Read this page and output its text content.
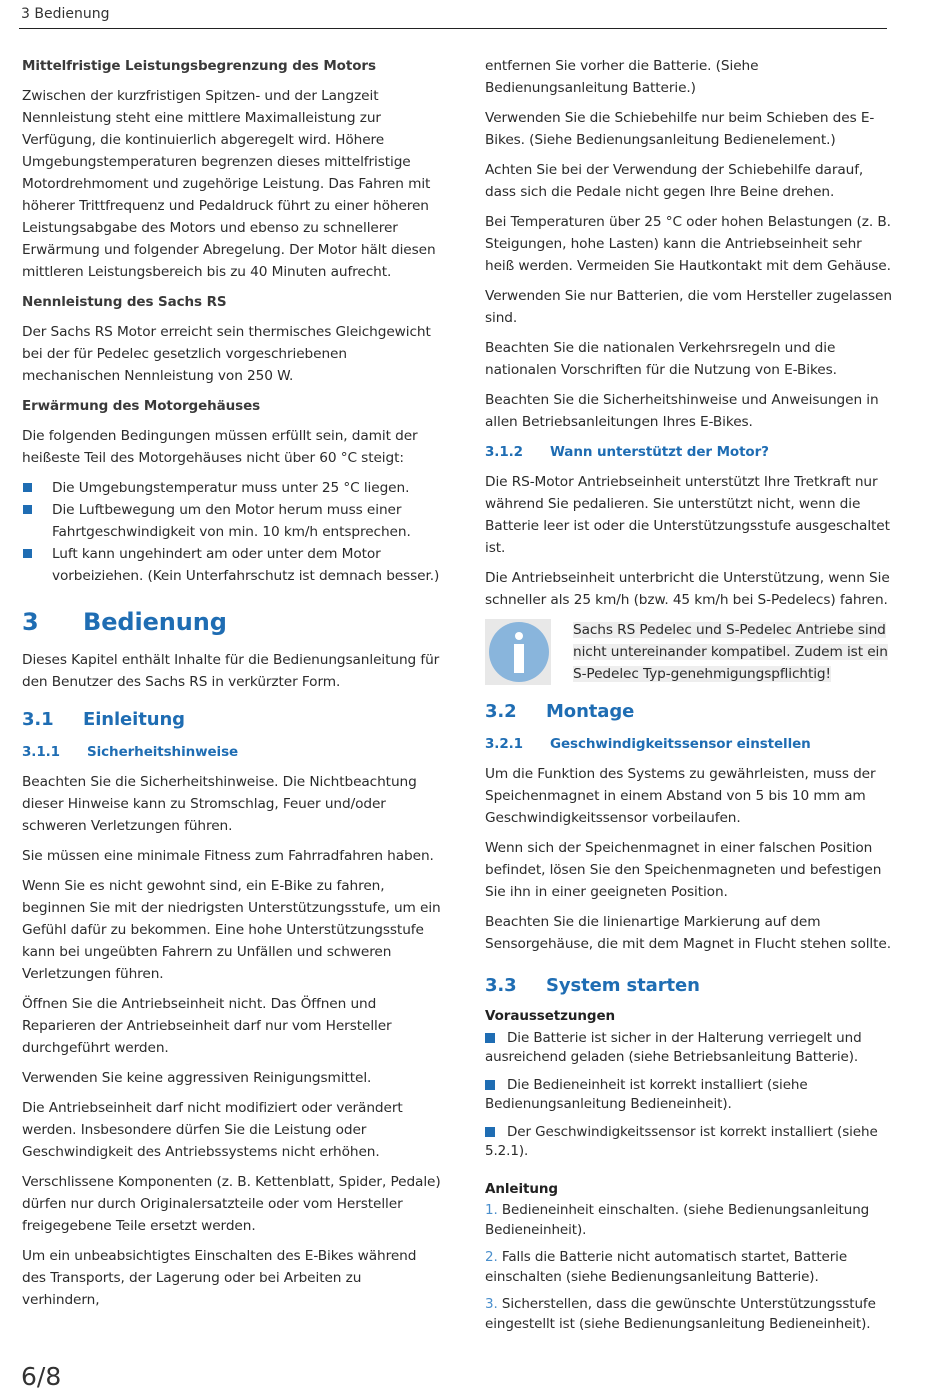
3 Bedienung
Mittelfristige Leistungsbegrenzung des Motors

Zwischen der kurzfristigen Spitzen- und der Langzeit Nennleistung steht eine mittlere Maximalleistung zur Verfügung, die kontinuierlich abgeregelt wird. Höhere Umgebungstemperaturen begrenzen dieses mittelfristige Motordrehmoment und zugehörige Leistung. Das Fahren mit höherer Trittfrequenz und Pedaldruck führt zu einer höheren Leistungsabgabe des Motors und ebenso zu schnellerer Erwärmung und folgender Abregelung. Der Motor hält diesen mittleren Leistungsbereich bis zu 40 Minuten aufrecht.

Nennleistung des Sachs RS

Der Sachs RS Motor erreicht sein thermisches Gleichgewicht bei der für Pedelec gesetzlich vorgeschriebenen mechanischen Nennleistung von 250 W.

Erwärmung des Motorgehäuses

Die folgenden Bedingungen müssen erfüllt sein, damit der heißeste Teil des Motorgehäuses nicht über 60 °C steigt:

Die Umgebungstemperatur muss unter 25 °C liegen.
Die Luftbewegung um den Motor herum muss einer Fahrtgeschwindigkeit von min. 10 km/h entsprechen.
Luft kann ungehindert am oder unter dem Motor vorbeiziehen. (Kein Unterfahrschutz ist demnach besser.)
3	Bedienung

Dieses Kapitel enthält Inhalte für die Bedienungsanleitung für den Benutzer des Sachs RS in verkürzter Form.

3.1	Einleitung
3.1.1	Sicherheitshinweise

Beachten Sie die Sicherheitshinweise. Die Nichtbeachtung dieser Hinweise kann zu Stromschlag, Feuer und/oder schweren Verletzungen führen.

Sie müssen eine minimale Fitness zum Fahrradfahren haben.

Wenn Sie es nicht gewohnt sind, ein E-Bike zu fahren, beginnen Sie mit der niedrigsten Unterstützungsstufe, um ein Gefühl dafür zu bekommen. Eine hohe Unterstützungsstufe kann bei ungeübten Fahrern zu Unfällen und schweren Verletzungen führen.

Öffnen Sie die Antriebseinheit nicht. Das Öffnen und Reparieren der Antriebseinheit darf nur vom Hersteller durchgeführt werden.

Verwenden Sie keine aggressiven Reinigungsmittel.

Die Antriebseinheit darf nicht modifiziert oder verändert werden. Insbesondere dürfen Sie die Leistung oder Geschwindigkeit des Antriebssystems nicht erhöhen.

Verschlissene Komponenten (z. B. Kettenblatt, Spider, Pedale) dürfen nur durch Originalersatzteile oder vom Hersteller freigegebene Teile ersetzt werden.

Um ein unbeabsichtigtes Einschalten des E-Bikes während des Transports, der Lagerung oder bei Arbeiten zu verhindern,

entfernen Sie vorher die Batterie. (Siehe Bedienungsanleitung Batterie.)

Verwenden Sie die Schiebehilfe nur beim Schieben des E-Bikes. (Siehe Bedienungsanleitung Bedienelement.)

Achten Sie bei der Verwendung der Schiebehilfe darauf, dass sich die Pedale nicht gegen Ihre Beine drehen.

Bei Temperaturen über 25 °C oder hohen Belastungen (z. B. Steigungen, hohe Lasten) kann die Antriebseinheit sehr heiß werden. Vermeiden Sie Hautkontakt mit dem Gehäuse.

Verwenden Sie nur Batterien, die vom Hersteller zugelassen sind.

Beachten Sie die nationalen Verkehrsregeln und die nationalen Vorschriften für die Nutzung von E-Bikes.

Beachten Sie die Sicherheitshinweise und Anweisungen in allen Betriebsanleitungen Ihres E-Bikes.

3.1.2	Wann unterstützt der Motor?

Die RS-Motor Antriebseinheit unterstützt Ihre Tretkraft nur während Sie pedalieren. Sie unterstützt nicht, wenn die Batterie leer ist oder die Unterstützungsstufe ausgeschaltet ist.

Die Antriebseinheit unterbricht die Unterstützung, wenn Sie schneller als 25 km/h (bzw. 45 km/h bei S-Pedelecs) fahren.

Sachs RS Pedelec und S-Pedelec Antriebe sind nicht untereinander kompatibel. Zudem ist ein S-Pedelec Typ-genehmigungspflichtig!
3.2	Montage
3.2.1	Geschwindigkeitssensor einstellen

Um die Funktion des Systems zu gewährleisten, muss der Speichenmagnet in einem Abstand von 5 bis 10 mm am Geschwindigkeitssensor vorbeilaufen.

Wenn sich der Speichenmagnet in einer falschen Position befindet, lösen Sie den Speichenmagneten und befestigen Sie ihn in einer geeigneten Position.

Beachten Sie die linienartige Markierung auf dem Sensorgehäuse, die mit dem Magnet in Flucht stehen sollte.

3.3	System starten
Voraussetzungen
Die Batterie ist sicher in der Halterung verriegelt und ausreichend geladen (siehe Betriebsanleitung Batterie).
Die Bedieneinheit ist korrekt installiert (siehe Bedienungsanleitung Bedieneinheit).
Der Geschwindigkeitssensor ist korrekt installiert (siehe 5.2.1).
Anleitung
1. Bedieneinheit einschalten. (siehe Bedienungsanleitung Bedieneinheit).
2. Falls die Batterie nicht automatisch startet, Batterie einschalten (siehe Bedienungsanleitung Batterie).
3. Sicherstellen, dass die gewünschte Unterstützungsstufe eingestellt ist (siehe Bedienungsanleitung Bedieneinheit).
6/8
